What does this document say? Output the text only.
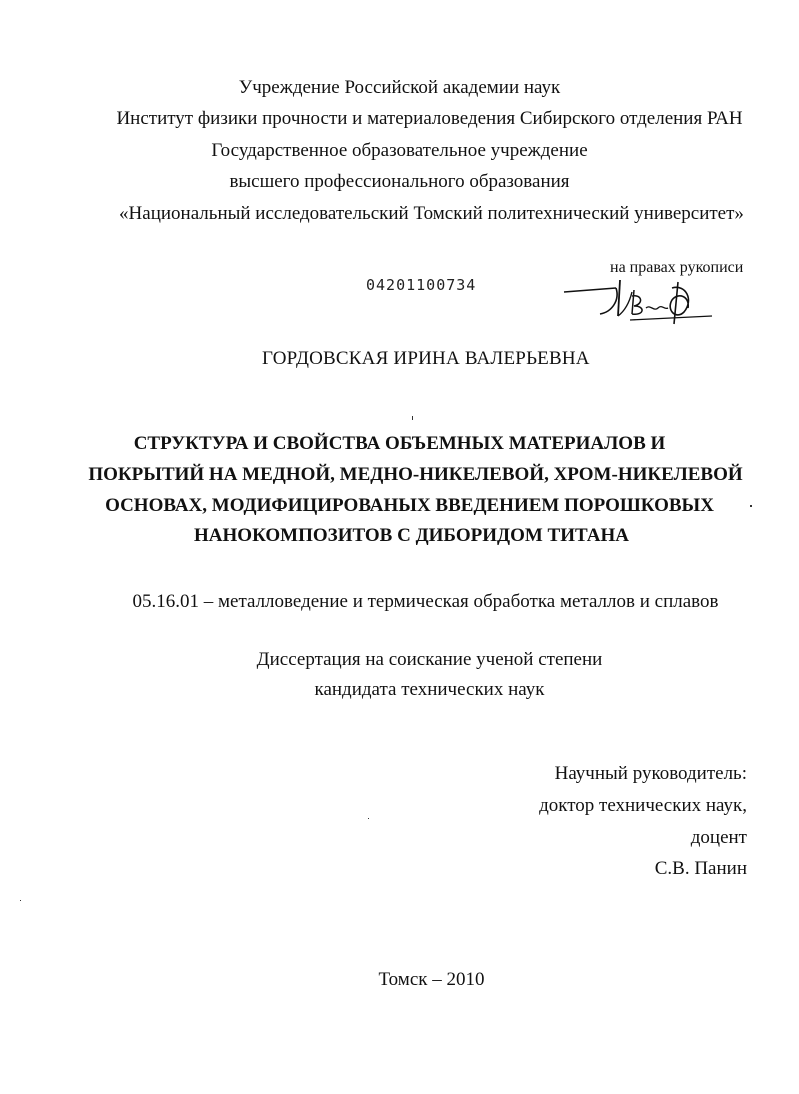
Учреждение Российской академии наук
Институт физики прочности и материаловедения Сибирского отделения РАН
Государственное образовательное учреждение
высшего профессионального образования
«Национальный исследовательский Томский политехнический университет»
04201100734
на правах рукописи
ГОРДОВСКАЯ ИРИНА ВАЛЕРЬЕВНА
СТРУКТУРА И СВОЙСТВА ОБЪЕМНЫХ МАТЕРИАЛОВ И
ПОКРЫТИЙ НА МЕДНОЙ, МЕДНО-НИКЕЛЕВОЙ, ХРОМ-НИКЕЛЕВОЙ
ОСНОВАХ, МОДИФИЦИРОВАНЫХ ВВЕДЕНИЕМ ПОРОШКОВЫХ
НАНОКОМПОЗИТОВ С ДИБОРИДОМ ТИТАНА
05.16.01 – металловедение и термическая обработка металлов и сплавов
Диссертация на соискание ученой степени
кандидата технических наук
Научный руководитель:
доктор технических наук,
доцент
С.В. Панин
Томск – 2010
